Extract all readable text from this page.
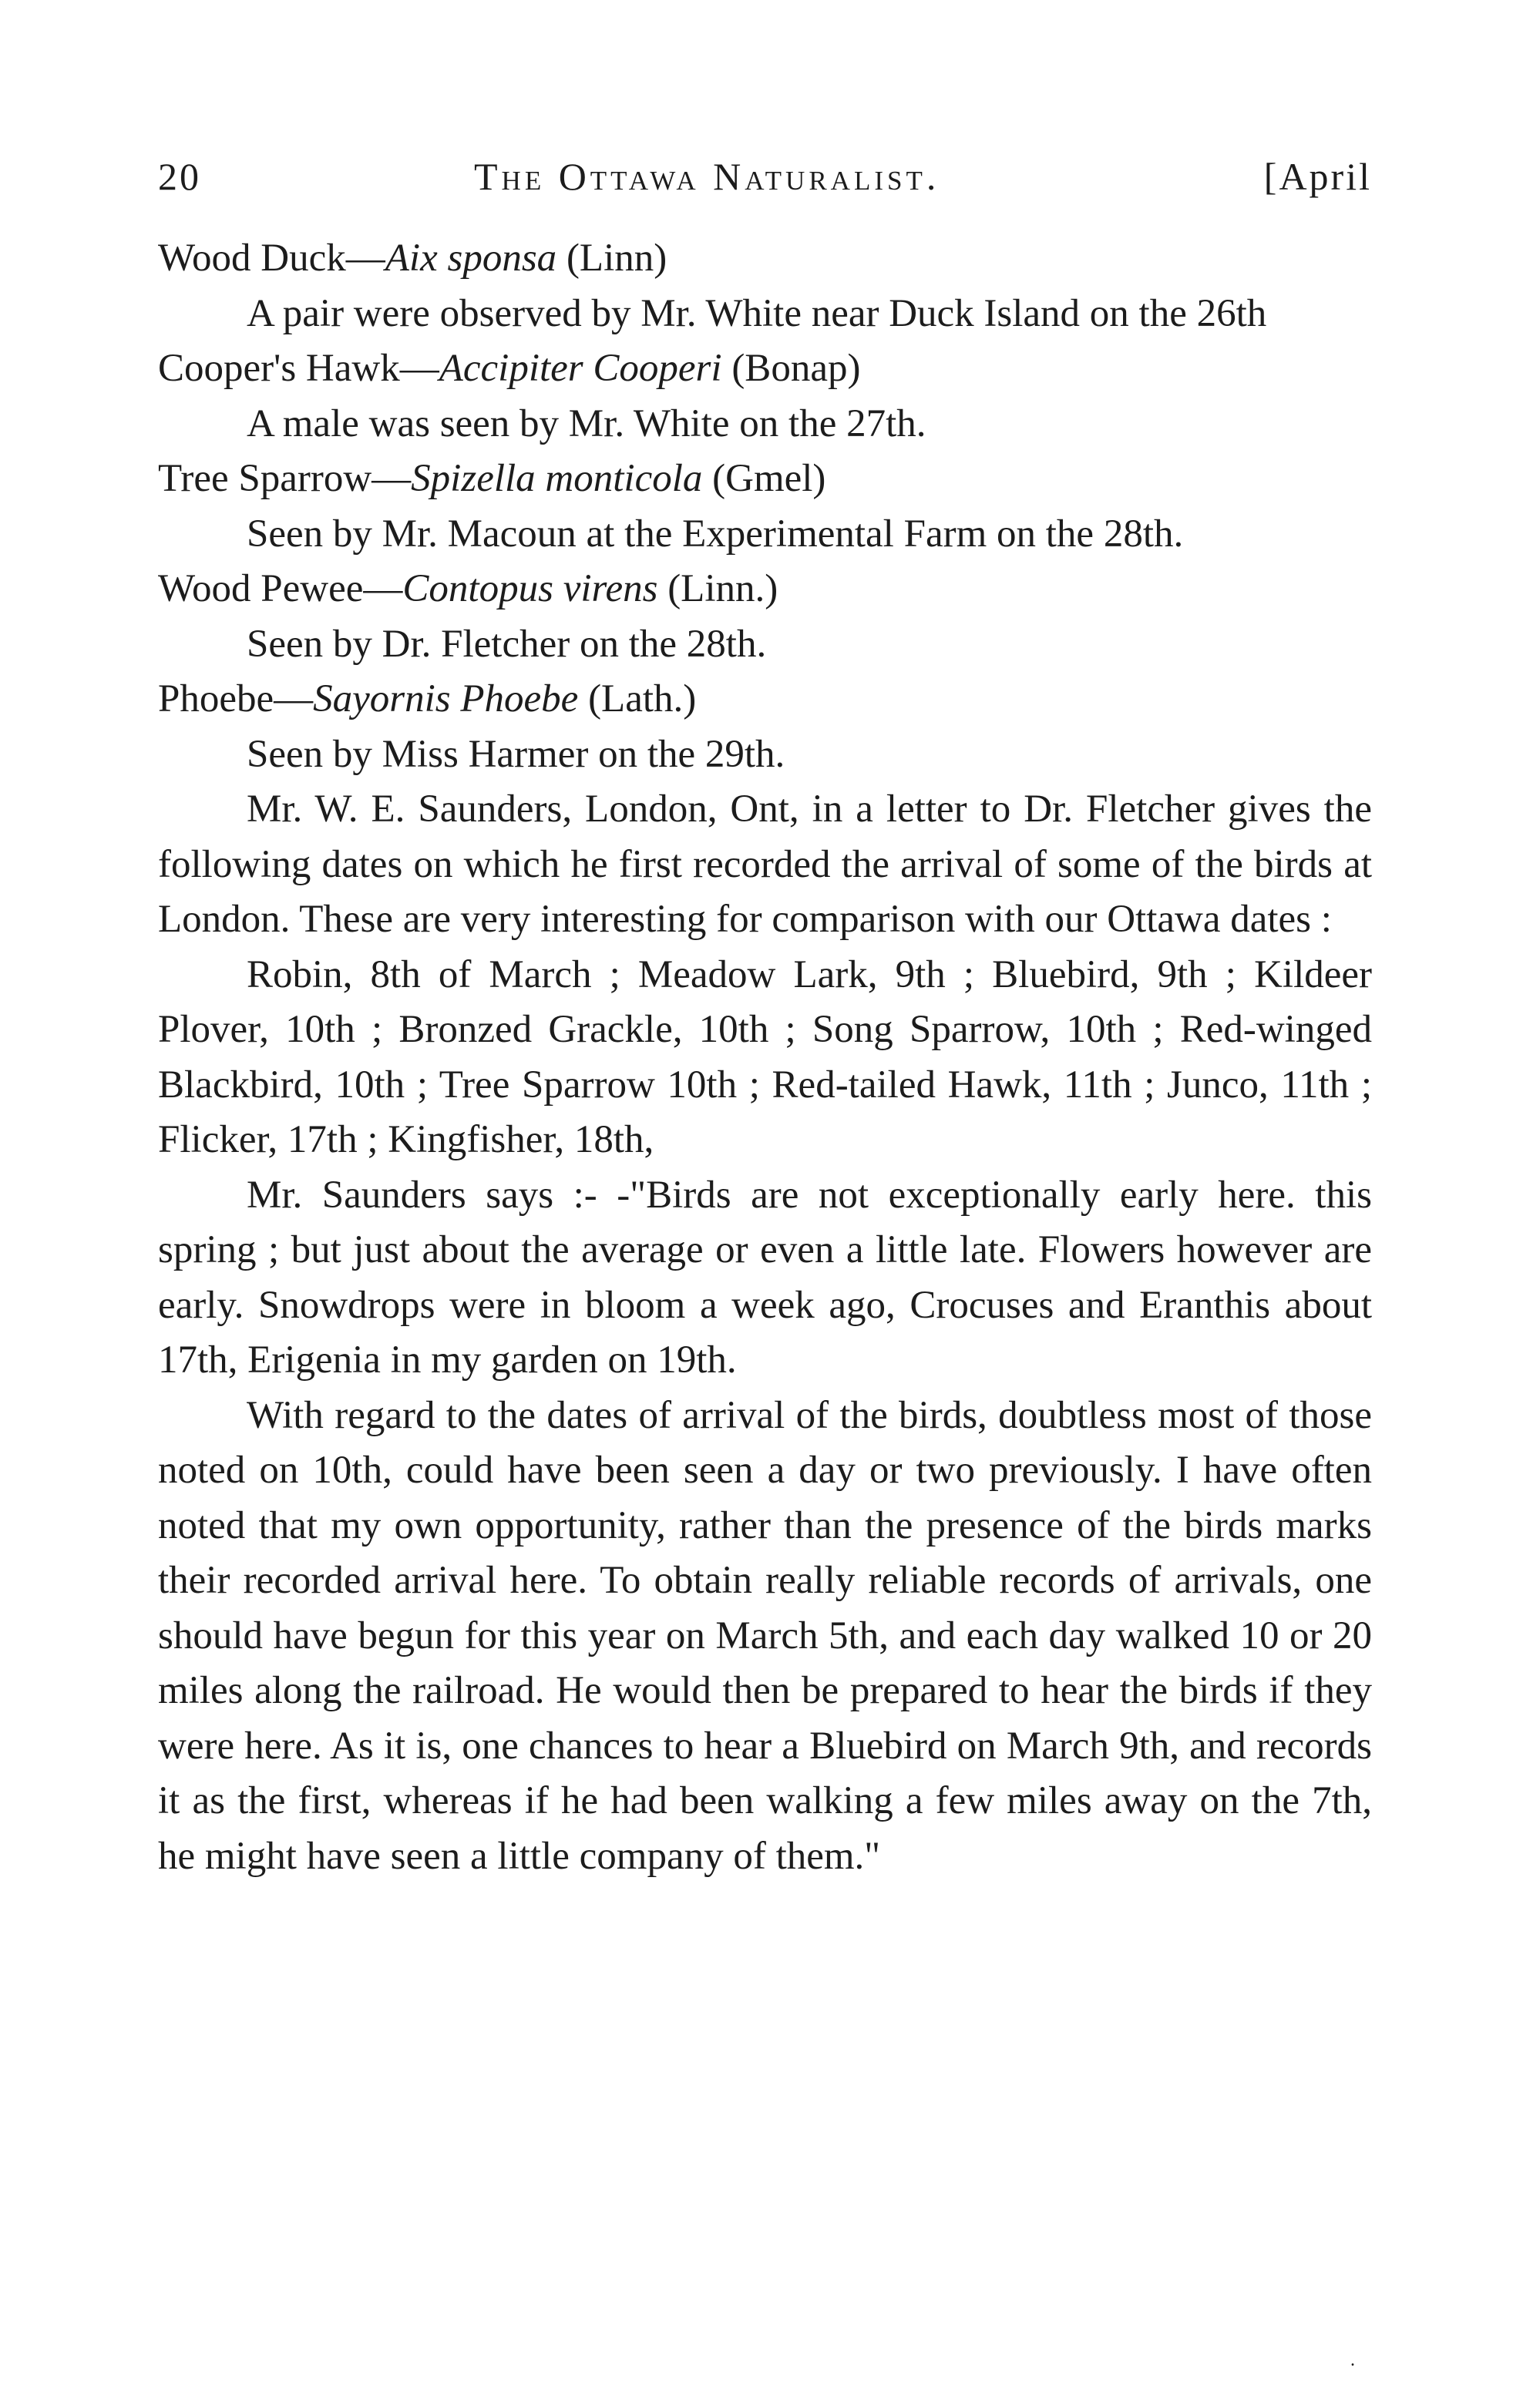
20	The Ottawa Naturalist.	[April

Wood Duck—Aix sponsa (Linn)

A pair were observed by Mr. White near Duck Island on the 26th

Cooper's Hawk—Accipiter Cooperi (Bonap)

A male was seen by Mr. White on the 27th.

Tree Sparrow—Spizella monticola (Gmel)

Seen by Mr. Macoun at the Experimental Farm on the 28th.

Wood Pewee—Contopus virens (Linn.)

Seen by Dr. Fletcher on the 28th.

Phoebe—Sayornis Phoebe (Lath.)

Seen by Miss Harmer on the 29th.

Mr. W. E. Saunders, London, Ont, in a letter to Dr. Fletcher gives the following dates on which he first recorded the arrival of some of the birds at London. These are very interesting for comparison with our Ottawa dates :

Robin, 8th of March ; Meadow Lark, 9th ; Bluebird, 9th ; Kildeer Plover, 10th ; Bronzed Grackle, 10th ; Song Sparrow, 10th ; Red-winged Blackbird, 10th ; Tree Sparrow 10th ; Red-tailed Hawk, 11th ; Junco, 11th ; Flicker, 17th ; Kingfisher, 18th,

Mr. Saunders says :- -"Birds are not exceptionally early here. this spring ; but just about the average or even a little late. Flowers however are early. Snowdrops were in bloom a week ago, Crocuses and Eranthis about 17th, Erigenia in my garden on 19th.

With regard to the dates of arrival of the birds, doubtless most of those noted on 10th, could have been seen a day or two previously. I have often noted that my own opportunity, rather than the presence of the birds marks their recorded arrival here. To obtain really reliable records of arrivals, one should have begun for this year on March 5th, and each day walked 10 or 20 miles along the railroad. He would then be prepared to hear the birds if they were here. As it is, one chances to hear a Bluebird on March 9th, and records it as the first, whereas if he had been walking a few miles away on the 7th, he might have seen a little company of them."

.
